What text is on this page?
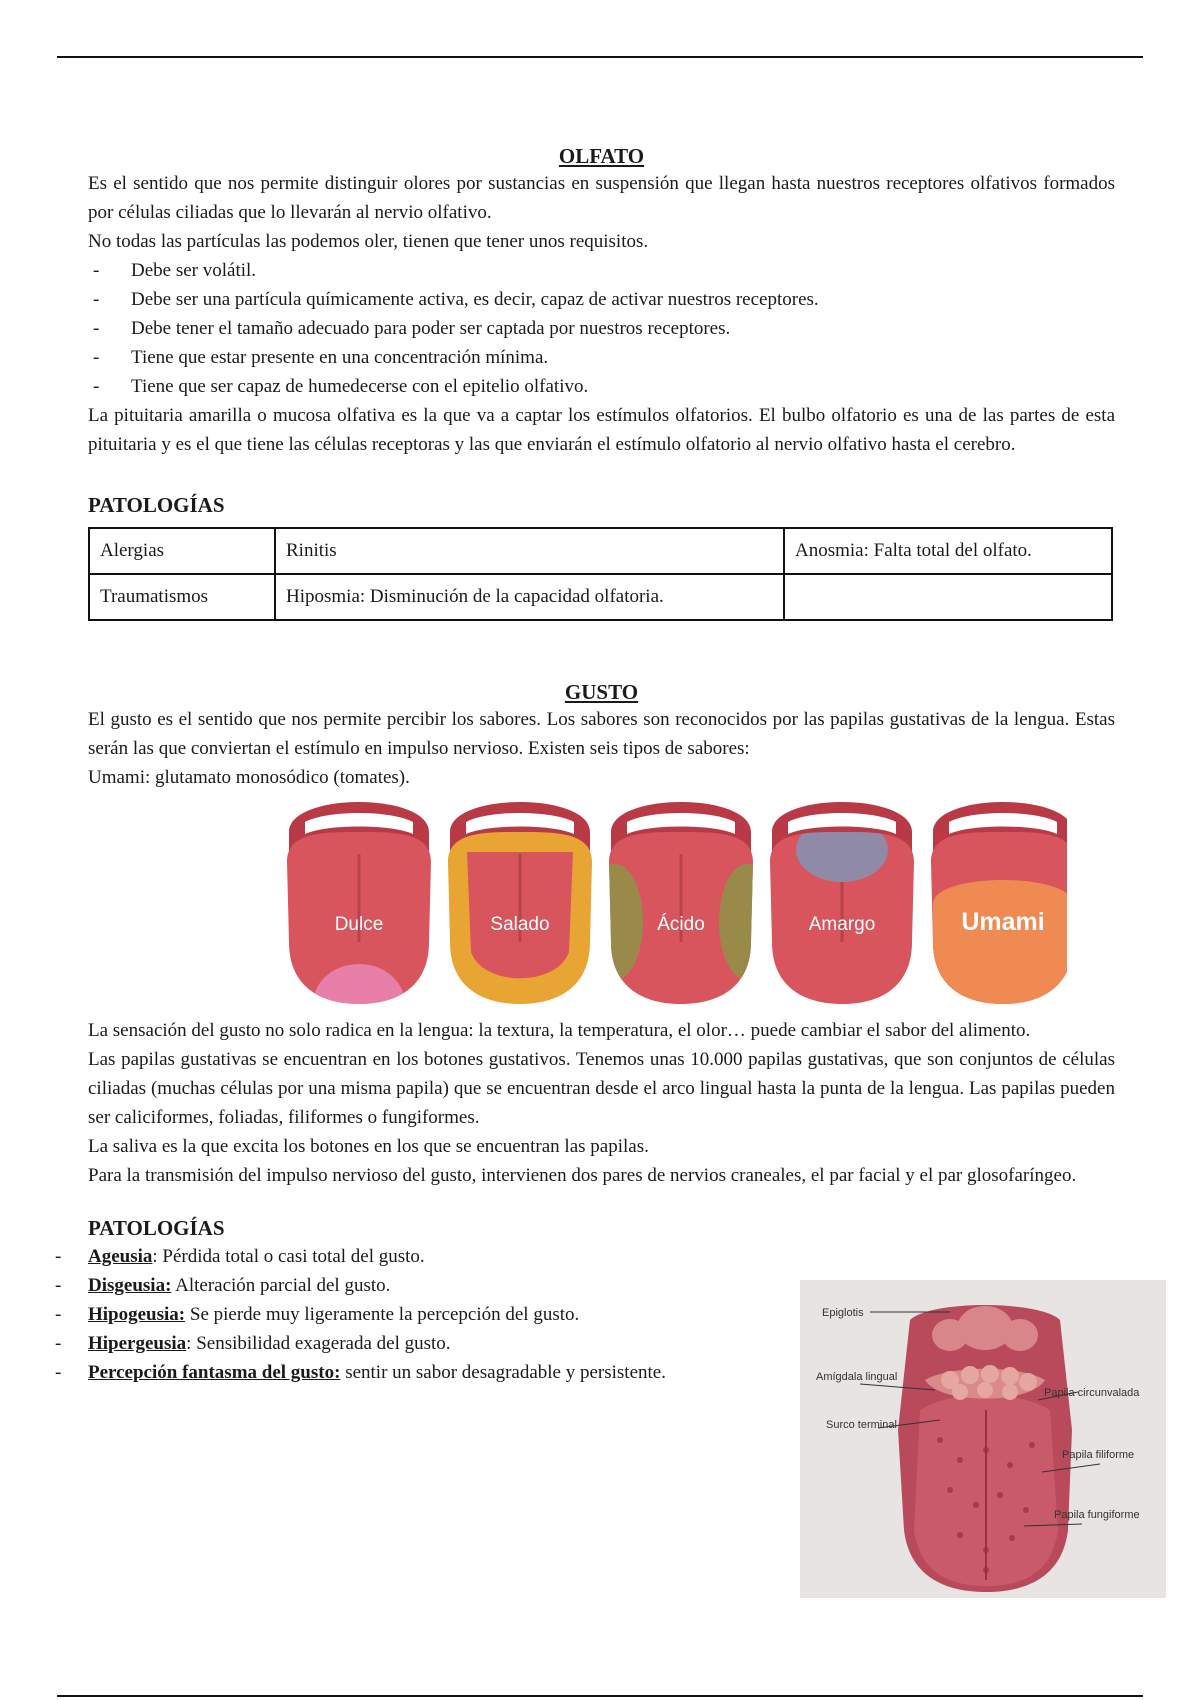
OLFATO

Es el sentido que nos permite distinguir olores por sustancias en suspensión que llegan hasta nuestros receptores olfativos formados por células ciliadas que lo llevarán al nervio olfativo.

No todas las partículas las podemos oler, tienen que tener unos requisitos.

- Debe ser volátil.
- Debe ser una partícula químicamente activa, es decir, capaz de activar nuestros receptores.
- Debe tener el tamaño adecuado para poder ser captada por nuestros receptores.
- Tiene que estar presente en una concentración mínima.
- Tiene que ser capaz de humedecerse con el epitelio olfativo.

La pituitaria amarilla o mucosa olfativa es la que va a captar los estímulos olfatorios. El bulbo olfatorio es una de las partes de esta pituitaria y es el que tiene las células receptoras y las que enviarán el estímulo olfatorio al nervio olfativo hasta el cerebro.

PATOLOGÍAS
Alergias	Rinitis	Anosmia: Falta total del olfato.
Traumatismos	Hiposmia: Disminución de la capacidad olfatoria.	
GUSTO

El gusto es el sentido que nos permite percibir los sabores. Los sabores son reconocidos por las papilas gustativas de la lengua. Estas serán las que conviertan el estímulo en impulso nervioso. Existen seis tipos de sabores:

Umami: glutamato monosódico (tomates).

Dulce	Salado	Ácido	Amargo	Umami

La sensación del gusto no solo radica en la lengua: la textura, la temperatura, el olor… puede cambiar el sabor del alimento.

Las papilas gustativas se encuentran en los botones gustativos. Tenemos unas 10.000 papilas gustativas, que son conjuntos de células ciliadas (muchas células por una misma papila) que se encuentran desde el arco lingual hasta la punta de la lengua. Las papilas pueden ser caliciformes, foliadas, filiformes o fungiformes.

La saliva es la que excita los botones en los que se encuentran las papilas.

Para la transmisión del impulso nervioso del gusto, intervienen dos pares de nervios craneales, el par facial y el par glosofaríngeo.

PATOLOGÍAS
- Ageusia: Pérdida total o casi total del gusto.
- Disgeusia: Alteración parcial del gusto.
- Hipogeusia: Se pierde muy ligeramente la percepción del gusto.
- Hipergeusia: Sensibilidad exagerada del gusto.
- Percepción fantasma del gusto: sentir un sabor desagradable y persistente.
Epiglotis
Amígdala lingual
Surco terminal
Papila circunvalada
Papila filiforme
Papila fungiforme
